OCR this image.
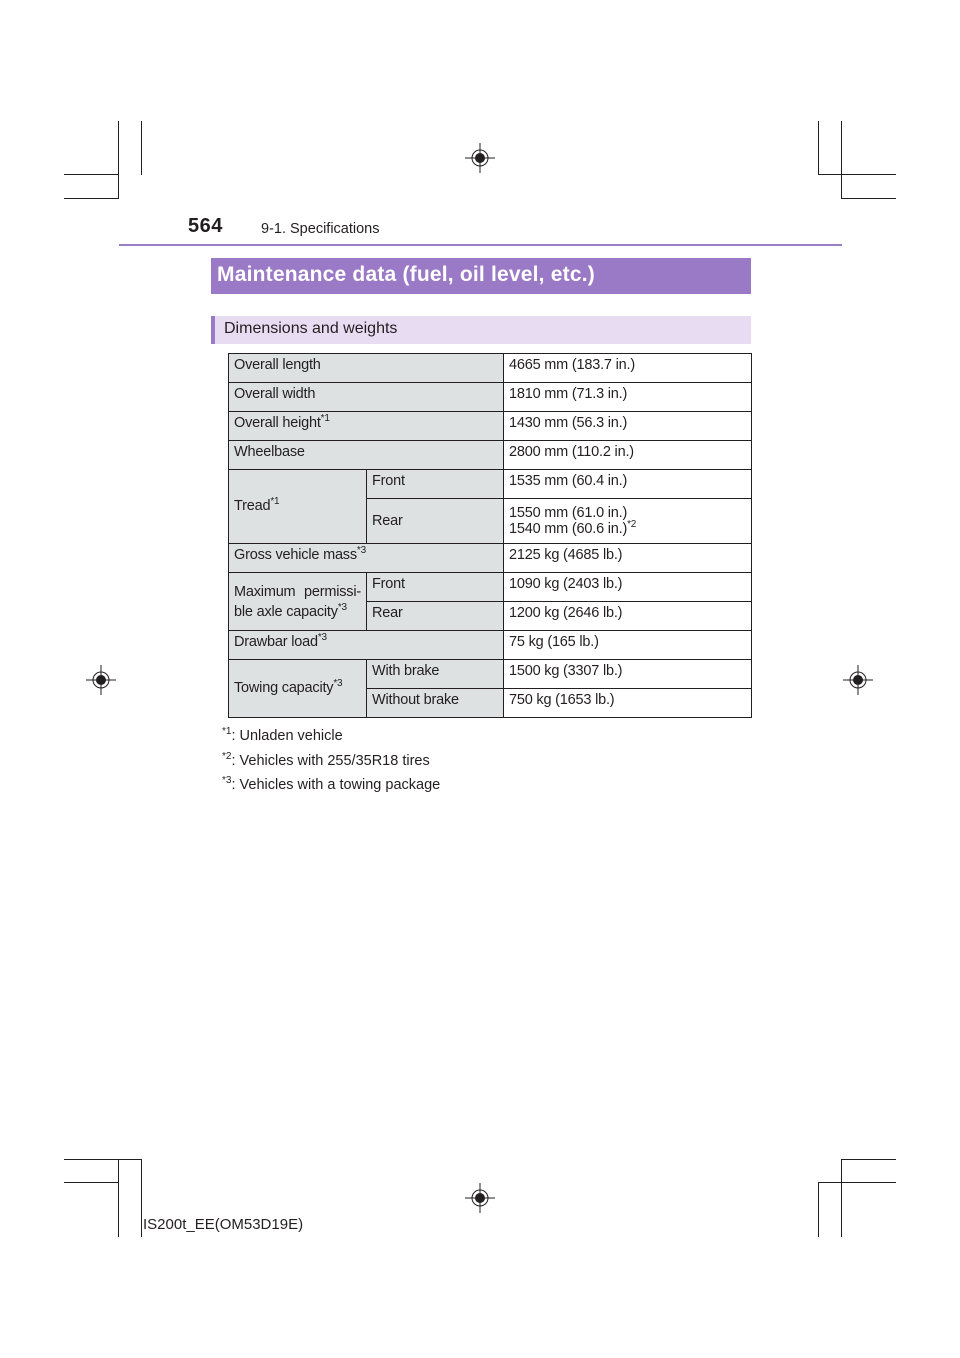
564	9-1. Specifications
Maintenance data (fuel, oil level, etc.)
Dimensions and weights
Overall length		4665 mm (183.7 in.)
Overall width		1810 mm (71.3 in.)
Overall height$^{*1}$		1430 mm (56.3 in.)
Wheelbase		2800 mm (110.2 in.)
Tread$^{*1}$	Front	1535 mm (60.4 in.)
	Rear	1550 mm (61.0 in.)
1540 mm (60.6 in.)$^{*2}$

Gross vehicle mass$^{*3}$		2125 kg (4685 lb.)

Maximum permissi-
ble axle capacity$^{*3}$	Front	1090 kg (2403 lb.)
	Rear	1200 kg (2646 lb.)
Drawbar load$^{*3}$		75 kg (165 lb.)
Towing capacity$^{*3}$	With brake	1500 kg (3307 lb.)
	Without brake	750 kg (1653 lb.)
$^{*1}$: Unladen vehicle
$^{*2}$: Vehicles with 255/35R18 tires
$^{*3}$: Vehicles with a towing package
IS200t_EE(OM53D19E)
